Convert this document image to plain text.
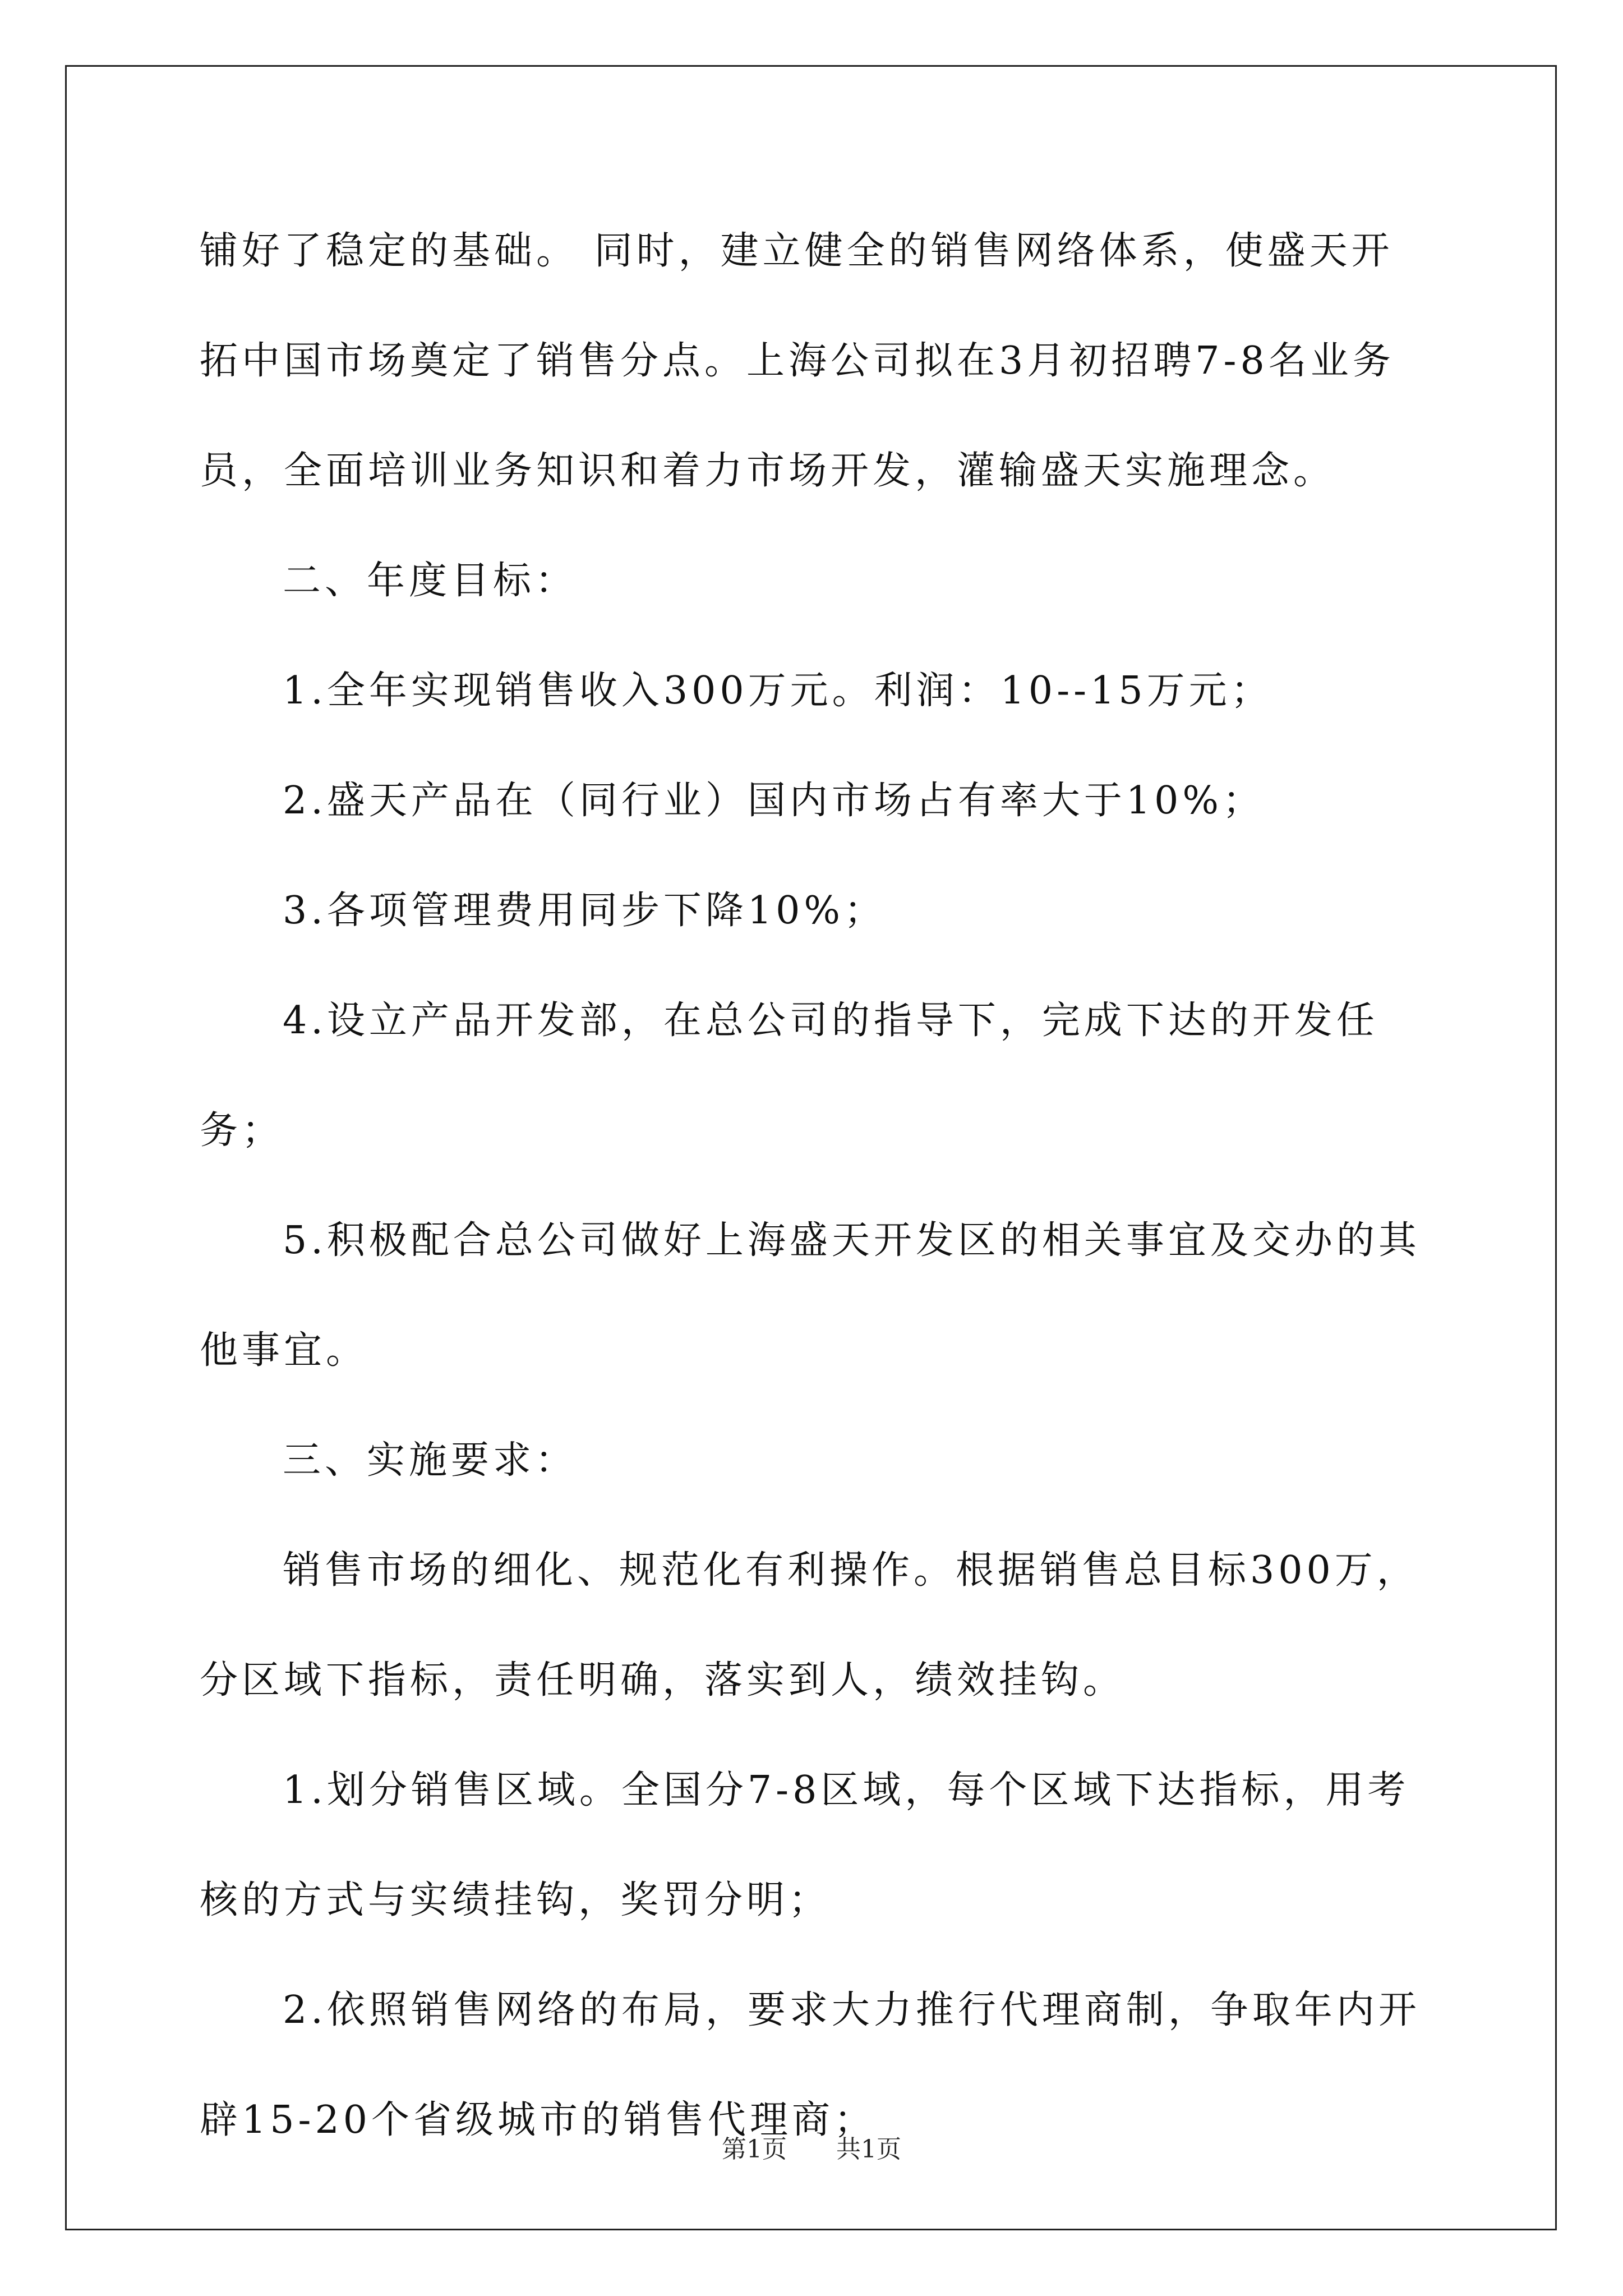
铺好了稳定的基础。 同时，建立健全的销售网络体系，使盛天开拓中国市场奠定了销售分点。上海公司拟在3月初招聘7-8名业务员，全面培训业务知识和着力市场开发，灌输盛天实施理念。

二、年度目标：

1.全年实现销售收入300万元。利润：10--15万元；

2.盛天产品在（同行业）国内市场占有率大于10%；

3.各项管理费用同步下降10%；

4.设立产品开发部，在总公司的指导下，完成下达的开发任务；

5.积极配合总公司做好上海盛天开发区的相关事宜及交办的其他事宜。

三、实施要求：

销售市场的细化、规范化有利操作。根据销售总目标300万，分区域下指标，责任明确，落实到人，绩效挂钩。

1.划分销售区域。全国分7-8区域，每个区域下达指标，用考核的方式与实绩挂钩，奖罚分明；

2.依照销售网络的布局，要求大力推行代理商制，争取年内开辟15-20个省级城市的销售代理商；

第1页 共1页
